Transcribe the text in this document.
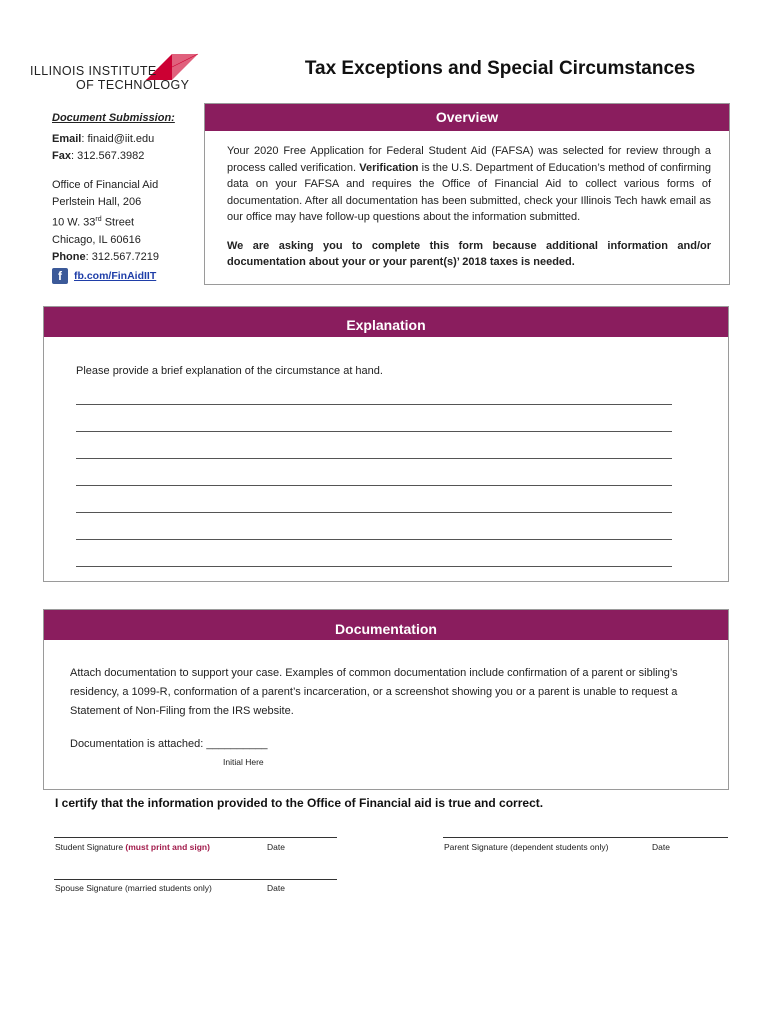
ILLINOIS INSTITUTE
OF TECHNOLOGY
Tax Exceptions and Special Circumstances
Document Submission:
Email: finaid@iit.edu
Fax: 312.567.3982
Office of Financial Aid
Perlstein Hall, 206
10 W. 33rd Street
Chicago, IL 60616
Phone: 312.567.7219
f	fb.com/FinAidIIT
Overview

Your 2020 Free Application for Federal Student Aid (FAFSA) was selected for review through a process called verification. Verification is the U.S. Department of Education’s method of confirming data on your FAFSA and requires the Office of Financial Aid to collect various forms of documentation. After all documentation has been submitted, check your Illinois Tech hawk email as our office may have follow-up questions about the information submitted.

We are asking you to complete this form because additional information and/or documentation about your or your parent(s)’ 2018 taxes is needed.

Explanation
Please provide a brief explanation of the circumstance at hand.
Documentation
Attach documentation to support your case. Examples of common documentation include confirmation of a parent or sibling’s residency, a 1099-R, conformation of a parent’s incarceration, or a screenshot showing you or a parent is unable to request a Statement of Non-Filing from the IRS website.
Documentation is attached: __________
Initial Here
I certify that the information provided to the Office of Financial aid is true and correct.
Student Signature (must print and sign)	Date	Parent Signature (dependent students only)	Date
Spouse Signature (married students only)	Date
